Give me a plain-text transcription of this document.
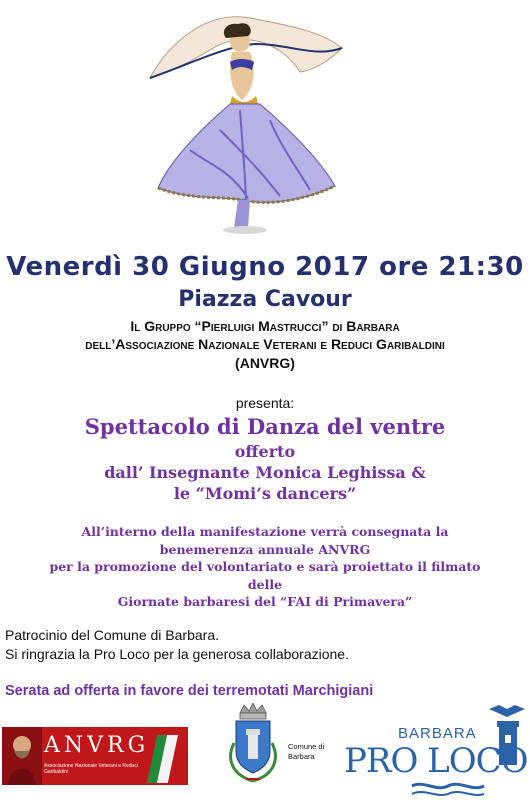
Venerdì 30 Giugno 2017 ore 21:30
Piazza Cavour
Il Gruppo “Pierluigi Mastrucci” di Barbara
dell’Associazione Nazionale Veterani e Reduci Garibaldini
(ANVRG)
presenta:
Spettacolo di Danza del ventre
offerto
dall’ Insegnante Monica Leghissa &
le “Momi’s dancers”
All’interno della manifestazione verrà consegnata la
benemerenza annuale ANVRG
per la promozione del volontariato e sarà proiettato il filmato
delle
Giornate barbaresi del “FAI di Primavera”
Patrocinio del Comune di Barbara.
Si ringrazia la Pro Loco per la generosa collaborazione.
Serata ad offerta in favore dei terremotati Marchigiani
ANVRG
Associazione Nazionale Veterani e Reduci Garibaldini
Comune di
Barbara
BARBARA
PRO LOCO
